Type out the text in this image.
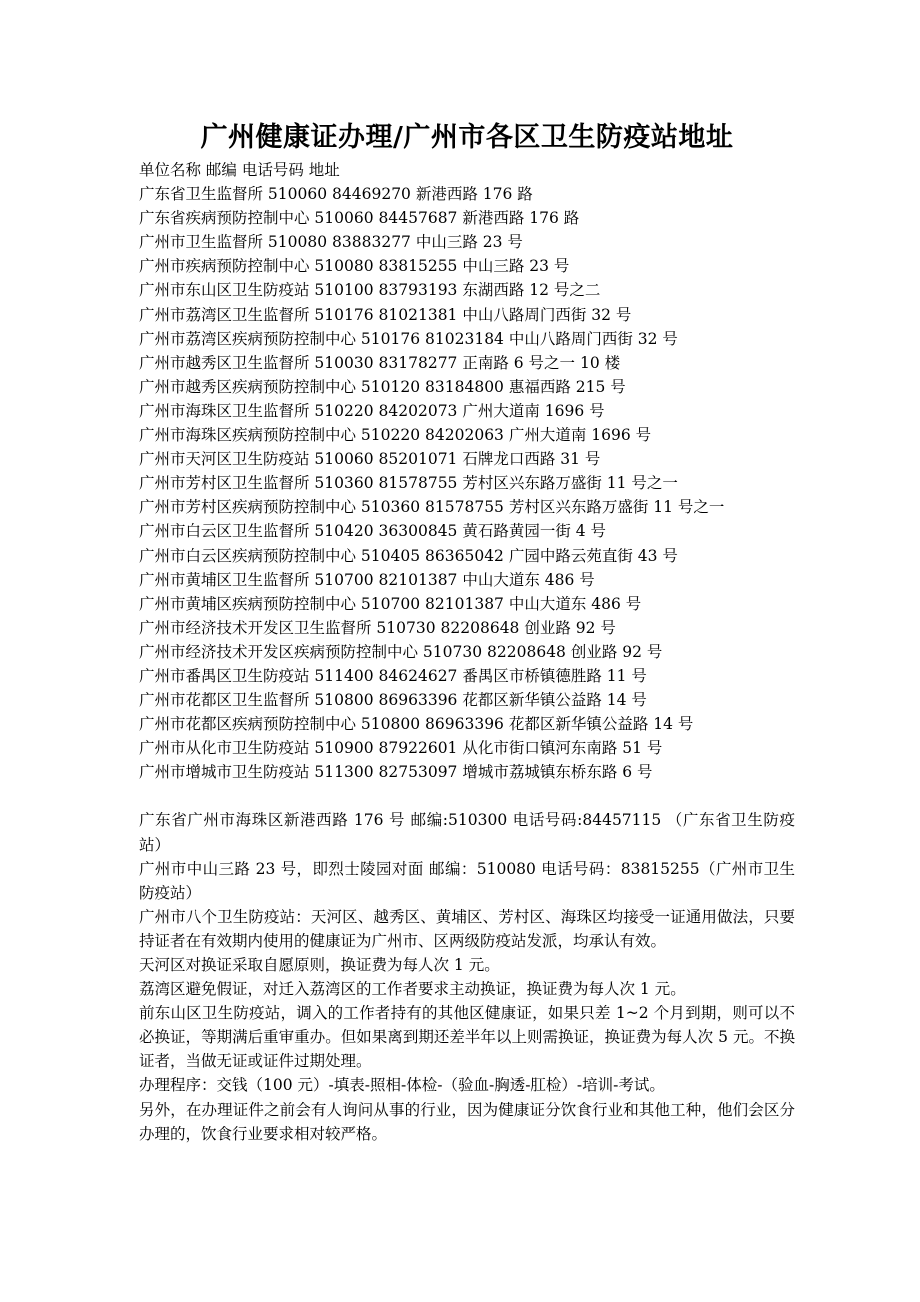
广州健康证办理/广州市各区卫生防疫站地址
单位名称 邮编 电话号码 地址
广东省卫生监督所 510060 84469270 新港西路 176 路
广东省疾病预防控制中心 510060 84457687 新港西路 176 路
广州市卫生监督所 510080 83883277 中山三路 23 号
广州市疾病预防控制中心 510080 83815255 中山三路 23 号
广州市东山区卫生防疫站 510100 83793193 东湖西路 12 号之二
广州市荔湾区卫生监督所 510176 81021381 中山八路周门西街 32 号
广州市荔湾区疾病预防控制中心 510176 81023184 中山八路周门西街 32 号
广州市越秀区卫生监督所 510030 83178277 正南路 6 号之一 10 楼
广州市越秀区疾病预防控制中心 510120 83184800 惠福西路 215 号
广州市海珠区卫生监督所 510220 84202073 广州大道南 1696 号
广州市海珠区疾病预防控制中心 510220 84202063 广州大道南 1696 号
广州市天河区卫生防疫站 510060 85201071 石牌龙口西路 31 号
广州市芳村区卫生监督所 510360 81578755 芳村区兴东路万盛街 11 号之一
广州市芳村区疾病预防控制中心 510360 81578755 芳村区兴东路万盛街 11 号之一
广州市白云区卫生监督所 510420 36300845 黄石路黄园一街 4 号
广州市白云区疾病预防控制中心 510405 86365042 广园中路云苑直街 43 号
广州市黄埔区卫生监督所 510700 82101387 中山大道东 486 号
广州市黄埔区疾病预防控制中心 510700 82101387 中山大道东 486 号
广州市经济技术开发区卫生监督所 510730 82208648 创业路 92 号
广州市经济技术开发区疾病预防控制中心 510730 82208648 创业路 92 号
广州市番禺区卫生防疫站 511400 84624627 番禺区市桥镇德胜路 11 号
广州市花都区卫生监督所 510800 86963396 花都区新华镇公益路 14 号
广州市花都区疾病预防控制中心 510800 86963396 花都区新华镇公益路 14 号
广州市从化市卫生防疫站 510900 87922601 从化市街口镇河东南路 51 号
广州市增城市卫生防疫站 511300 82753097 增城市荔城镇东桥东路 6 号
广东省广州市海珠区新港西路 176 号 邮编:510300 电话号码:84457115 （广东省卫生防疫站）
广州市中山三路 23 号，即烈士陵园对面 邮编：510080 电话号码：83815255（广州市卫生防疫站）
广州市八个卫生防疫站：天河区、越秀区、黄埔区、芳村区、海珠区均接受一证通用做法，只要持证者在有效期内使用的健康证为广州市、区两级防疫站发派，均承认有效。
天河区对换证采取自愿原则，换证费为每人次 1 元。
荔湾区避免假证，对迁入荔湾区的工作者要求主动换证，换证费为每人次 1 元。
前东山区卫生防疫站，调入的工作者持有的其他区健康证，如果只差 1~2 个月到期，则可以不必换证，等期满后重审重办。但如果离到期还差半年以上则需换证，换证费为每人次 5 元。不换证者，当做无证或证件过期处理。
办理程序：交钱（100 元）-填表-照相-体检-（验血-胸透-肛检）-培训-考试。
另外，在办理证件之前会有人询问从事的行业，因为健康证分饮食行业和其他工种，他们会区分办理的，饮食行业要求相对较严格。
